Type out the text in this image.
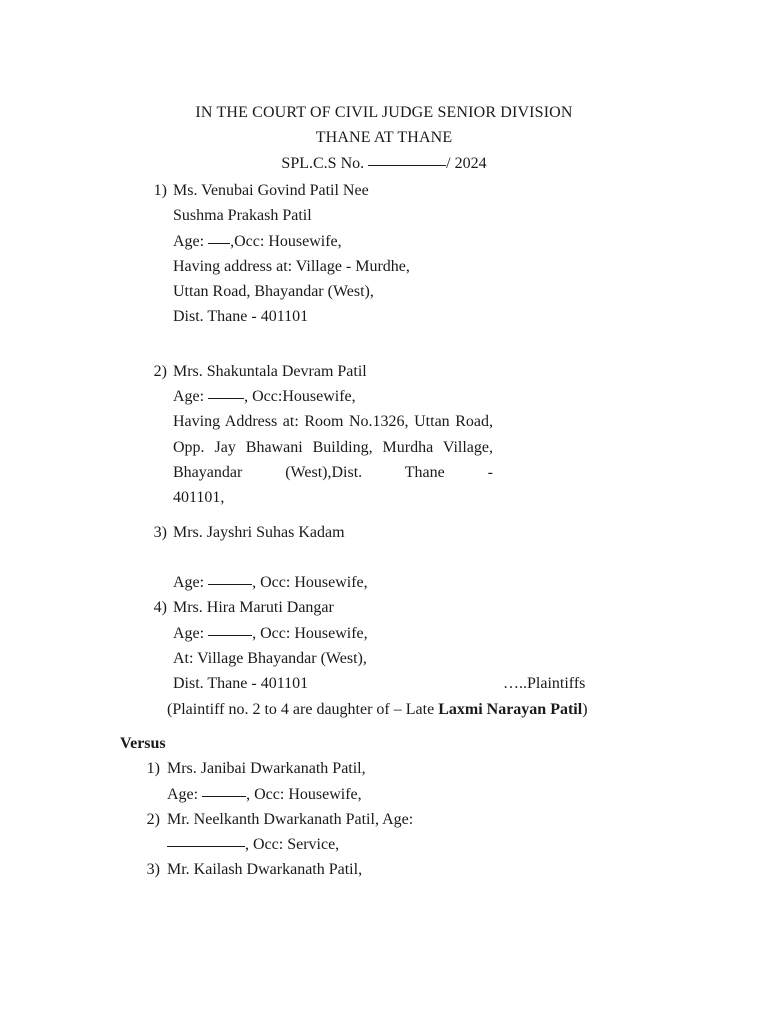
IN THE COURT OF CIVIL JUDGE SENIOR DIVISION
THANE AT THANE
SPL.C.S No.	/ 2024
1) Ms. Venubai Govind Patil Nee
Sushma Prakash Patil
Age: ,Occ: Housewife,
Having address at: Village - Murdhe,
Uttan Road, Bhayandar (West),
Dist. Thane - 401101
2) Mrs. Shakuntala Devram Patil
Age:	, Occ:Housewife,
Having Address at: Room No.1326, Uttan Road, Opp. Jay Bhawani Building, Murdha Village, Bhayandar (West),Dist. Thane -
401101,
3) Mrs. Jayshri Suhas Kadam

Age:	, Occ: Housewife,
4) Mrs. Hira Maruti Dangar
Age:	, Occ: Housewife,
At: Village Bhayandar (West),
Dist. Thane - 401101	…..Plaintiffs
(Plaintiff no. 2 to 4 are daughter of – Late Laxmi Narayan Patil)
Versus
1) Mrs. Janibai Dwarkanath Patil,
Age:	, Occ: Housewife,
2) Mr. Neelkanth Dwarkanath Patil, Age:
, Occ: Service,
3) Mr. Kailash Dwarkanath Patil,
